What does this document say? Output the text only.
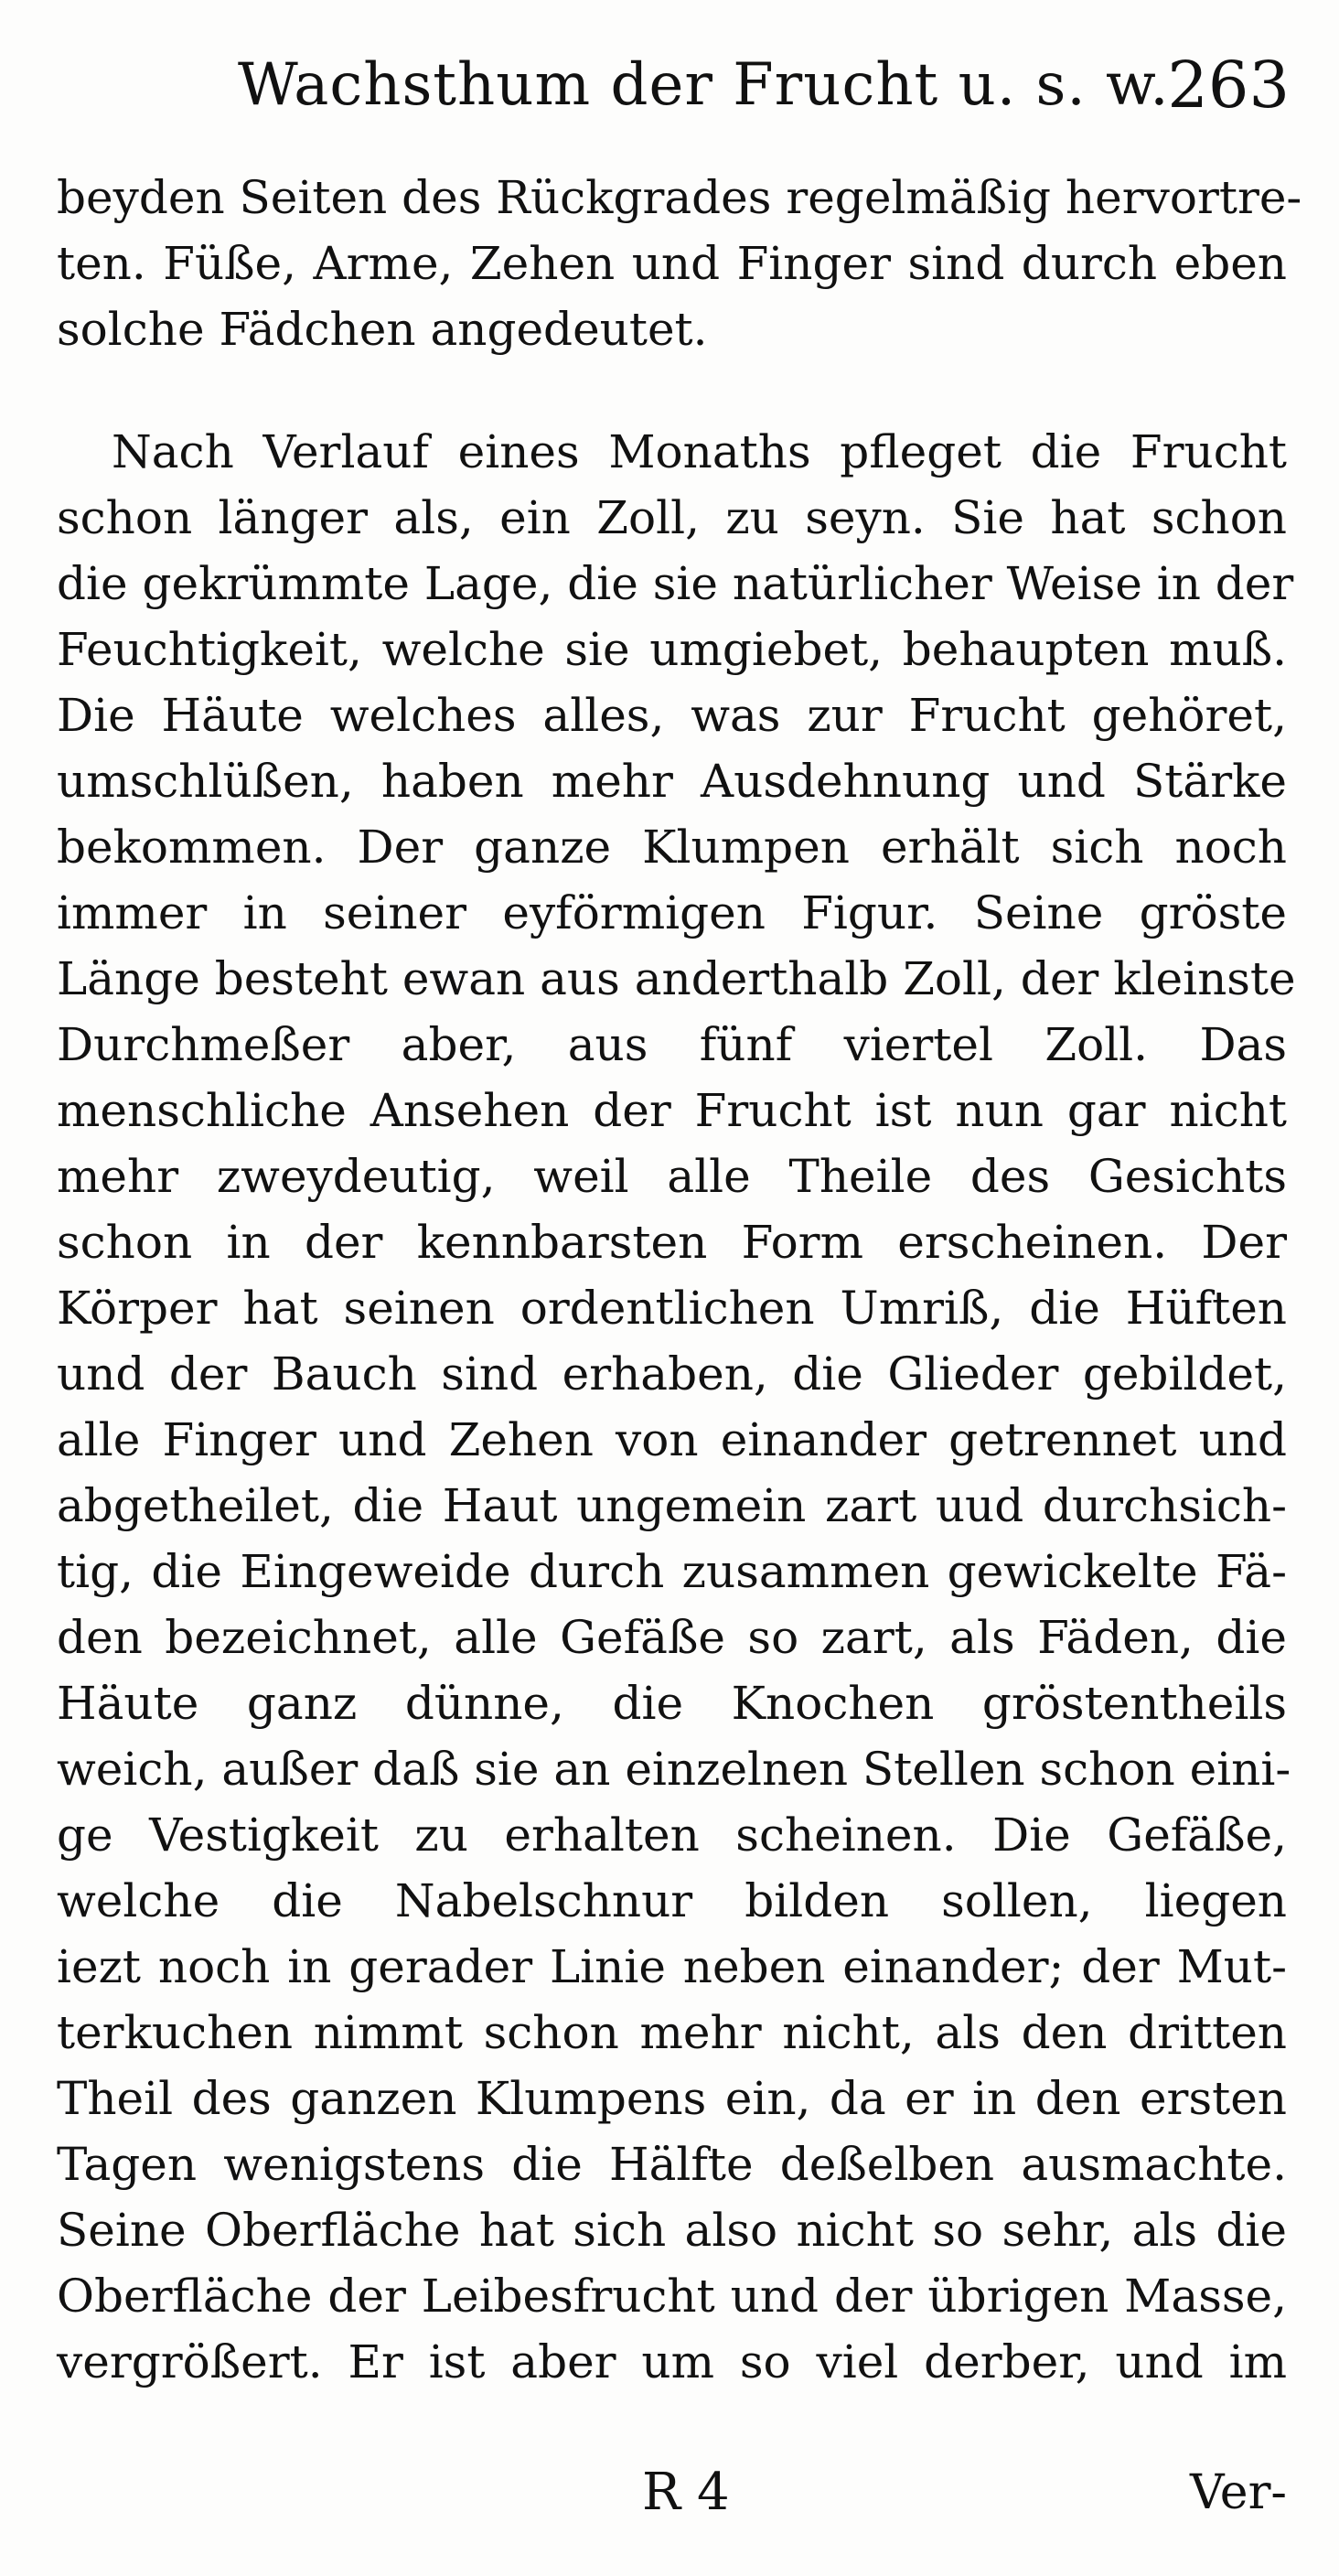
Wachsthum der Frucht u. s. w.
263
beyden Seiten des Rückgrades regelmäßig hervortre-
ten. Füße, Arme, Zehen und Finger sind durch eben
solche Fädchen angedeutet.
Nach Verlauf eines Monaths pfleget die Frucht
schon länger als, ein Zoll, zu seyn. Sie hat schon
die gekrümmte Lage, die sie natürlicher Weise in der
Feuchtigkeit, welche sie umgiebet, behaupten muß.
Die Häute welches alles, was zur Frucht gehöret,
umschlüßen, haben mehr Ausdehnung und Stärke
bekommen. Der ganze Klumpen erhält sich noch
immer in seiner eyförmigen Figur. Seine gröste
Länge besteht ewan aus anderthalb Zoll, der kleinste
Durchmeßer aber, aus fünf viertel Zoll. Das
menschliche Ansehen der Frucht ist nun gar nicht
mehr zweydeutig, weil alle Theile des Gesichts
schon in der kennbarsten Form erscheinen. Der
Körper hat seinen ordentlichen Umriß, die Hüften
und der Bauch sind erhaben, die Glieder gebildet,
alle Finger und Zehen von einander getrennet und
abgetheilet, die Haut ungemein zart uud durchsich-
tig, die Eingeweide durch zusammen gewickelte Fä-
den bezeichnet, alle Gefäße so zart, als Fäden, die
Häute ganz dünne, die Knochen gröstentheils
weich, außer daß sie an einzelnen Stellen schon eini-
ge Vestigkeit zu erhalten scheinen. Die Gefäße,
welche die Nabelschnur bilden sollen, liegen
iezt noch in gerader Linie neben einander; der Mut-
terkuchen nimmt schon mehr nicht, als den dritten
Theil des ganzen Klumpens ein, da er in den ersten
Tagen wenigstens die Hälfte deßelben ausmachte.
Seine Oberfläche hat sich also nicht so sehr, als die
Oberfläche der Leibesfrucht und der übrigen Masse,
vergrößert. Er ist aber um so viel derber, und im
R 4	Ver-
